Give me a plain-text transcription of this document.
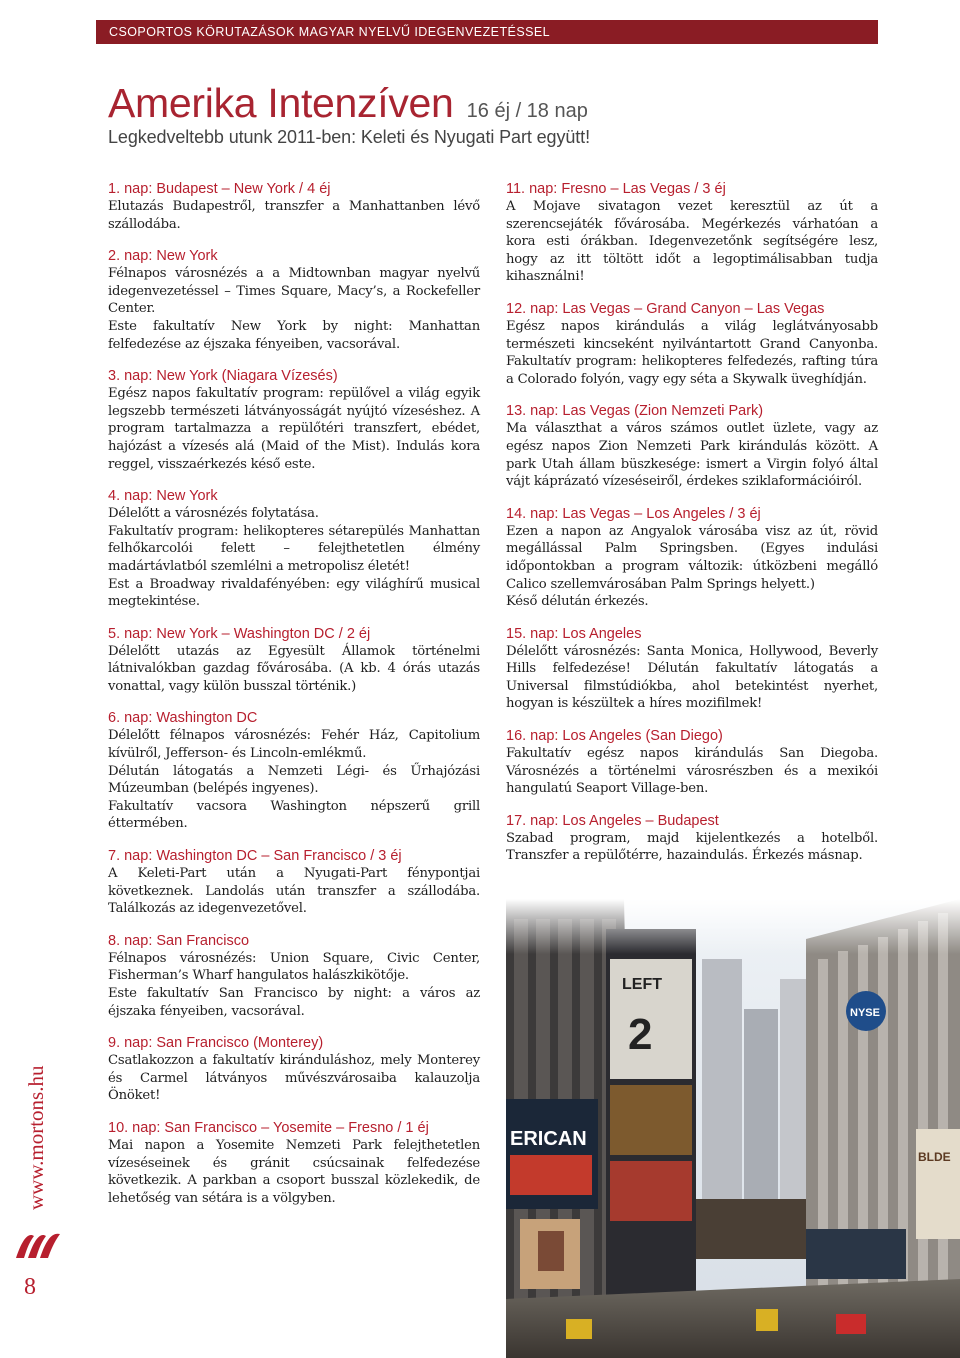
CSOPORTOS KÖRUTAZÁSOK MAGYAR NYELVŰ IDEGENVEZETÉSSEL
Amerika Intenzíven 16 éj / 18 nap
Legkedveltebb utunk 2011-ben: Keleti és Nyugati Part együtt!
1. nap: Budapest – New York / 4 éj

Elutazás Budapestről, transzfer a Manhattanben lévő szállodába.

2. nap: New York

Félnapos városnézés a a Midtownban magyar nyelvű idegenvezetéssel – Times Square, Macy’s, a Rockefeller Center.

Este fakultatív New York by night: Manhattan felfedezése az éjszaka fényeiben, vacsorával.

3. nap: New York (Niagara Vízesés)

Egész napos fakultatív program: repülővel a világ egyik legszebb természeti látványosságát nyújtó vízeséshez. A program tartalmazza a repülőtéri transzfert, ebédet, hajózást a vízesés alá (Maid of the Mist). Indulás kora reggel, visszaérkezés késő este.

4. nap: New York

Délelőtt a városnézés folytatása.

Fakultatív program: helikopteres sétarepülés Manhattan felhőkarcolói felett – felejthetetlen élmény madártávlatból szemlélni a metropolisz életét!

Est a Broadway rivaldafényében: egy világhírű musical megtekintése.

5. nap: New York – Washington DC / 2 éj

Délelőtt utazás az Egyesült Államok történelmi látnivalókban gazdag fővárosába. (A kb. 4 órás utazás vonattal, vagy külön busszal történik.)

6. nap: Washington DC

Délelőtt félnapos városnézés: Fehér Ház, Capitolium kívülről, Jefferson- és Lincoln-emlékmű.

Délután látogatás a Nemzeti Légi- és Űrhajózási Múzeumban (belépés ingyenes).

Fakultatív vacsora Washington népszerű grill éttermében.

7. nap: Washington DC – San Francisco / 3 éj

A Keleti-Part után a Nyugati-Part fénypontjai következnek. Landolás után transzfer a szállodába. Találkozás az idegenvezetővel.

8. nap: San Francisco

Félnapos városnézés: Union Square, Civic Center, Fisherman’s Wharf hangulatos halászkikötője.

Este fakultatív San Francisco by night: a város az éjszaka fényeiben, vacsorával.

9. nap: San Francisco (Monterey)

Csatlakozzon a fakultatív kiránduláshoz, mely Monterey és Carmel látványos művészvárosaiba kalauzolja Önöket!

10. nap: San Francisco – Yosemite – Fresno / 1 éj

Mai napon a Yosemite Nemzeti Park felejthetetlen vízeséseinek és gránit csúcsainak felfedezése következik. A parkban a csoport busszal közlekedik, de lehetőség van sétára is a völgyben.

11. nap: Fresno – Las Vegas / 3 éj

A Mojave sivatagon vezet keresztül az út a szerencsejáték fővárosába. Megérkezés várhatóan a kora esti órákban. Idegenvezetőnk segítségére lesz, hogy az itt töltött időt a legoptimálisabban tudja kihasználni!

12. nap: Las Vegas – Grand Canyon – Las Vegas

Egész napos kirándulás a világ leglátványosabb természeti kincseként nyilvántartott Grand Canyonba. Fakultatív program: helikopteres felfedezés, rafting túra a Colorado folyón, vagy egy séta a Skywalk üveghídján.

13. nap: Las Vegas (Zion Nemzeti Park)

Ma választhat a város számos outlet üzlete, vagy az egész napos Zion Nemzeti Park kirándulás között. A park Utah állam büszkesége: ismert a Virgin folyó által vájt káprázató vízeséseiről, érdekes sziklaformációiról.

14. nap: Las Vegas – Los Angeles / 3 éj

Ezen a napon az Angyalok városába visz az út, rövid megállással Palm Springsben. (Egyes indulási időpontokban a program változik: útközbeni megálló Calico szellemvárosában Palm Springs helyett.)

Késő délután érkezés.

15. nap: Los Angeles

Délelőtt városnézés: Santa Monica, Hollywood, Beverly Hills felfedezése! Délután fakultatív látogatás a Universal filmstúdiókba, ahol betekintést nyerhet, hogyan is készültek a híres mozifilmek!

16. nap: Los Angeles (San Diego)

Fakultatív egész napos kirándulás San Diegoba. Városnézés a történelmi városrészben és a mexikói hangulatú Seaport Village-ben.

17. nap: Los Angeles – Budapest

Szabad program, majd kijelentkezés a hotelből. Transzfer a repülőtérre, hazaindulás. Érkezés másnap.

www.mortons.hu
8
